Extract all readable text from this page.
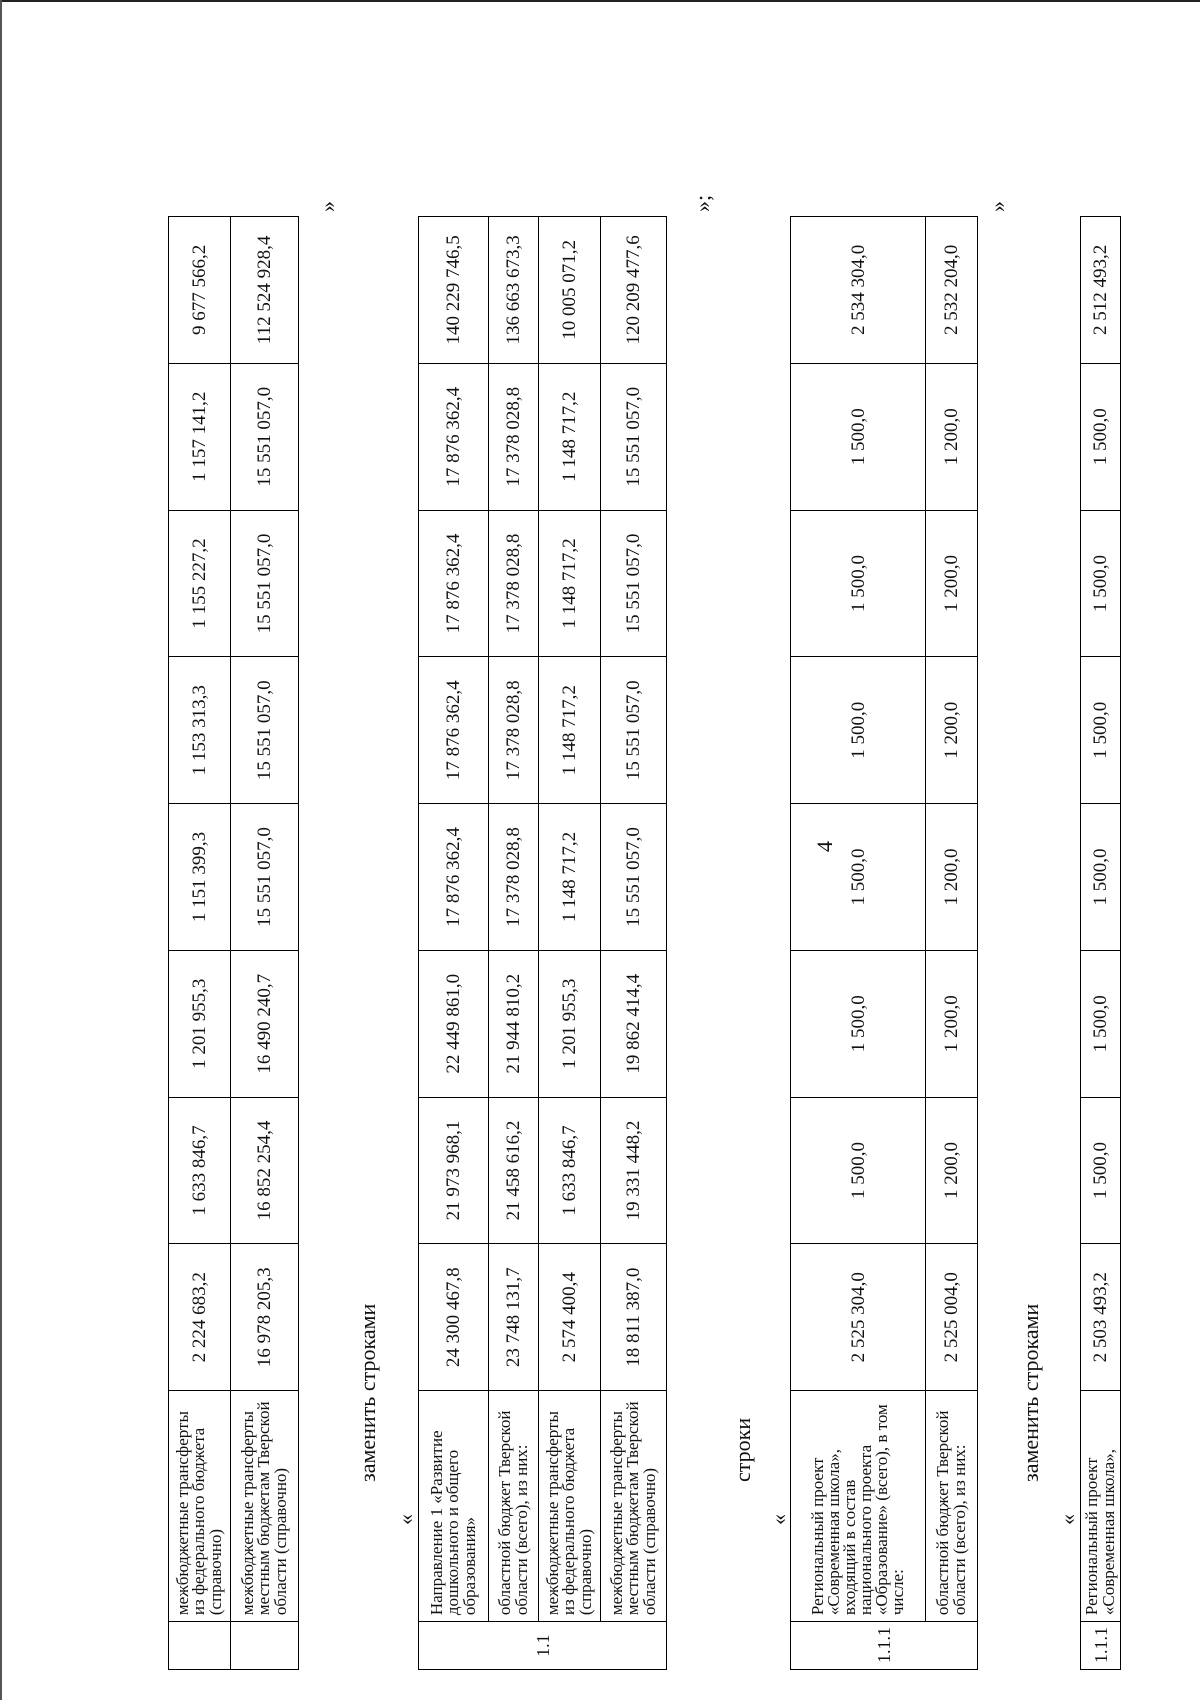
4
	межбюджетные трансферты из федерального бюджета (справочно)	2 224 683,2	1 633 846,7	1 201 955,3	1 151 399,3	1 153 313,3	1 155 227,2	1 157 141,2	9 677 566,2
	межбюджетные трансферты местным бюджетам Тверской области (справочно)	16 978 205,3	16 852 254,4	16 490 240,7	15 551 057,0	15 551 057,0	15 551 057,0	15 551 057,0	112 524 928,4
»
заменить строками
«
1.1	Направление 1 «Развитие дошкольного и общего образования»	24 300 467,8	21 973 968,1	22 449 861,0	17 876 362,4	17 876 362,4	17 876 362,4	17 876 362,4	140 229 746,5
	областной бюджет Тверской области (всего), из них:	23 748 131,7	21 458 616,2	21 944 810,2	17 378 028,8	17 378 028,8	17 378 028,8	17 378 028,8	136 663 673,3
	межбюджетные трансферты из федерального бюджета (справочно)	2 574 400,4	1 633 846,7	1 201 955,3	1 148 717,2	1 148 717,2	1 148 717,2	1 148 717,2	10 005 071,2
	межбюджетные трансферты местным бюджетам Тверской области (справочно)	18 811 387,0	19 331 448,2	19 862 414,4	15 551 057,0	15 551 057,0	15 551 057,0	15 551 057,0	120 209 477,6
»;
строки
«
1.1.1	Региональный проект «Современная школа», входящий в состав национального проекта «Образование» (всего), в том числе:	2 525 304,0	1 500,0	1 500,0	1 500,0	1 500,0	1 500,0	1 500,0	2 534 304,0
	областной бюджет Тверской области (всего), из них:	2 525 004,0	1 200,0	1 200,0	1 200,0	1 200,0	1 200,0	1 200,0	2 532 204,0
»
заменить строками
«
1.1.1	Региональный проект «Современная школа»,	2 503 493,2	1 500,0	1 500,0	1 500,0	1 500,0	1 500,0	1 500,0	2 512 493,2
